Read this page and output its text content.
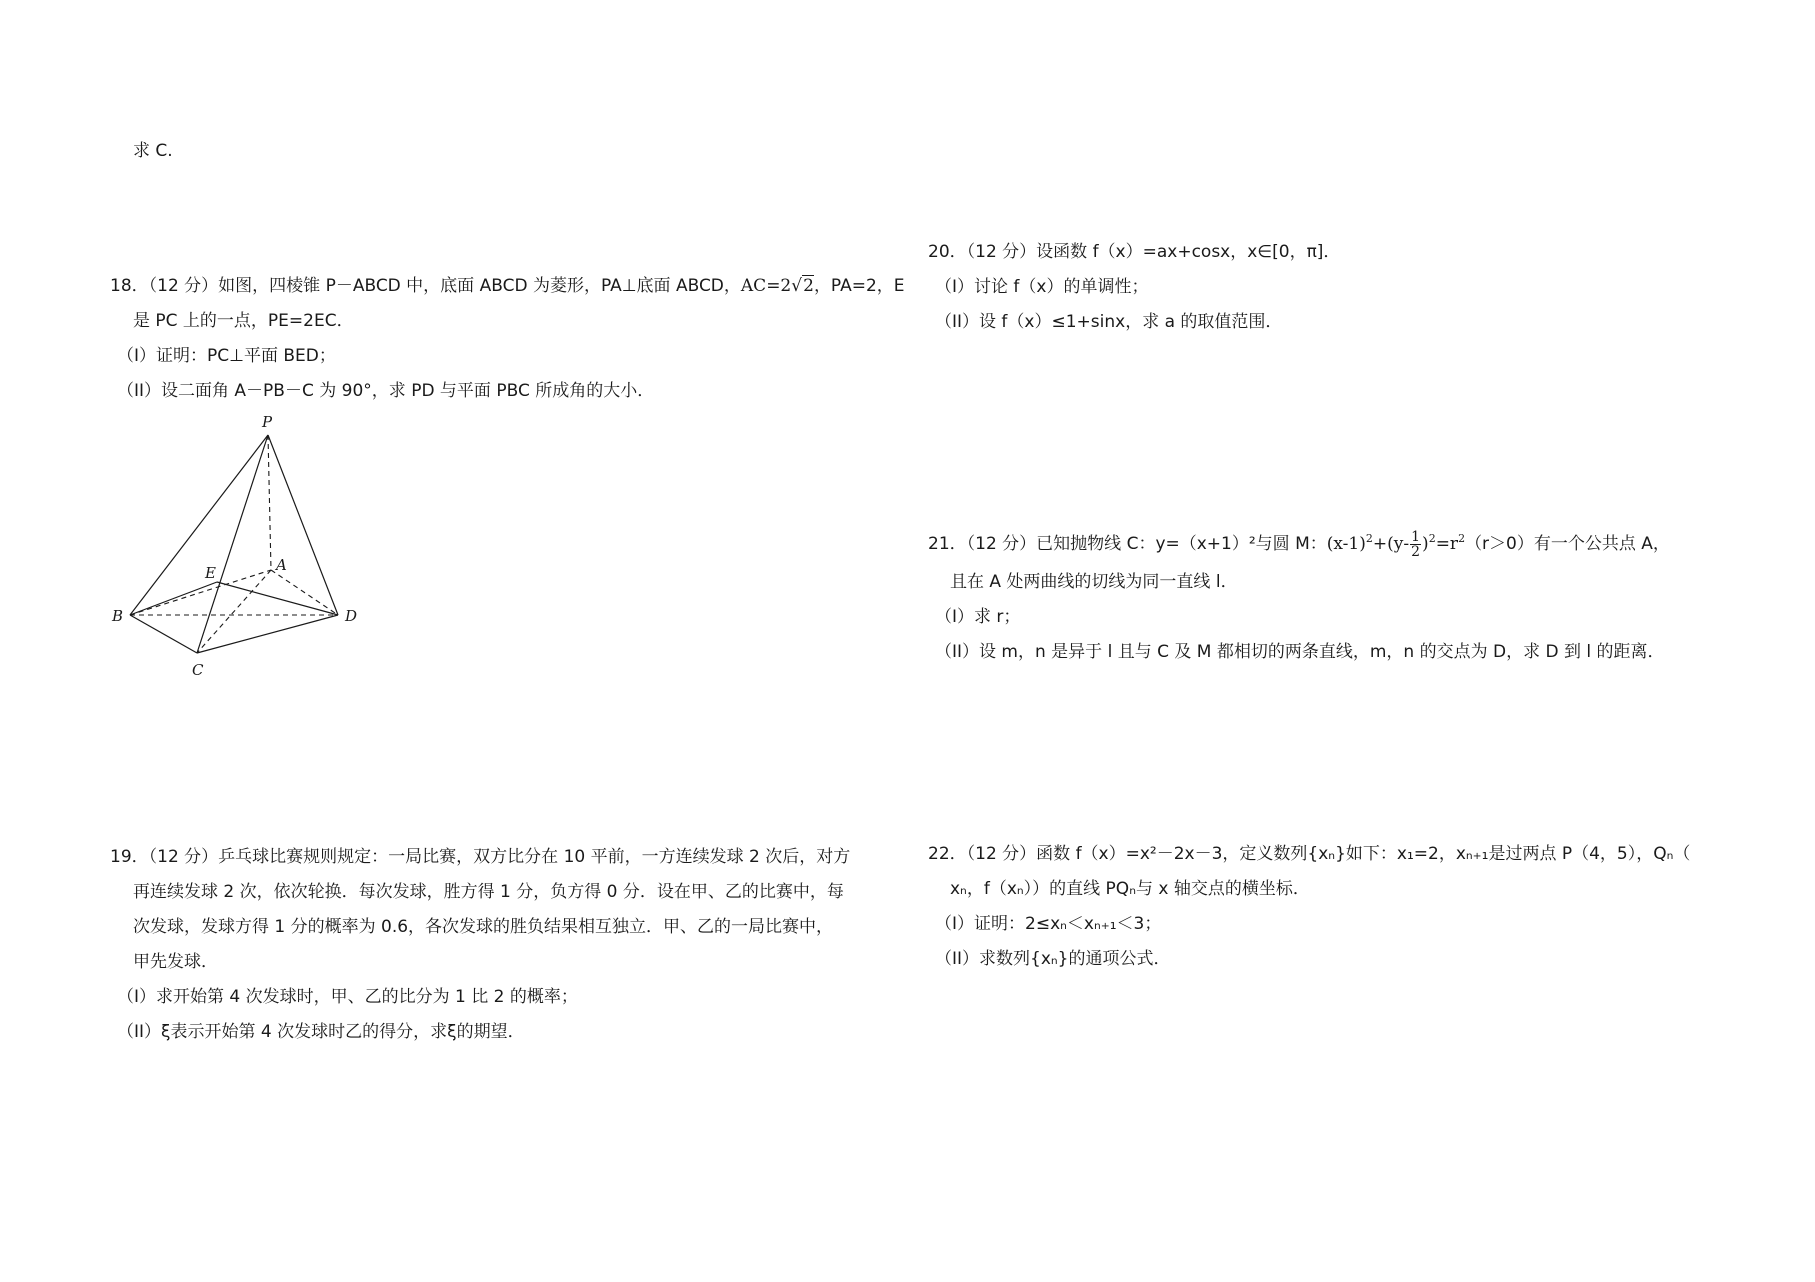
求 C.
18．（12 分）如图，四棱锥 P－ABCD 中，底面 ABCD 为菱形，PA⊥底面 ABCD，AC=2√2，PA=2，E
是 PC 上的一点，PE=2EC．
（I）证明：PC⊥平面 BED；
（II）设二面角 A－PB－C 为 90°，求 PD 与平面 PBC 所成角的大小．
P
A
E
B	D
C
19．（12 分）乒乓球比赛规则规定：一局比赛，双方比分在 10 平前，一方连续发球 2 次后，对方
再连续发球 2 次，依次轮换．每次发球，胜方得 1 分，负方得 0 分．设在甲、乙的比赛中，每
次发球，发球方得 1 分的概率为 0.6，各次发球的胜负结果相互独立．甲、乙的一局比赛中，
甲先发球．
（I）求开始第 4 次发球时，甲、乙的比分为 1 比 2 的概率；
（II）ξ表示开始第 4 次发球时乙的得分，求ξ的期望．
20．（12 分）设函数 f（x）=ax+cosx，x∈[0，π]．
（I）讨论 f（x）的单调性；
（II）设 f（x）≤1+sinx，求 a 的取值范围．
21．（12 分）已知抛物线 C：y=（x+1）²与圆 M：$(x-1)^2+(y- \frac{1}{2} )^2=r^2(r>0)$有一个公共点 A，
且在 A 处两曲线的切线为同一直线 l．
（I）求 r；
（II）设 m，n 是异于 l 且与 C 及 M 都相切的两条直线，m，n 的交点为 D，求 D 到 l 的距离．
22．（12 分）函数 f（x）=x²－2x－3，定义数列{xₙ}如下：x₁=2，xₙ₊₁是过两点 P（4，5），Qₙ（
xₙ，f（xₙ））的直线 PQₙ与 x 轴交点的横坐标．
（I）证明：2≤xₙ＜xₙ₊₁＜3；
（II）求数列{xₙ}的通项公式．
